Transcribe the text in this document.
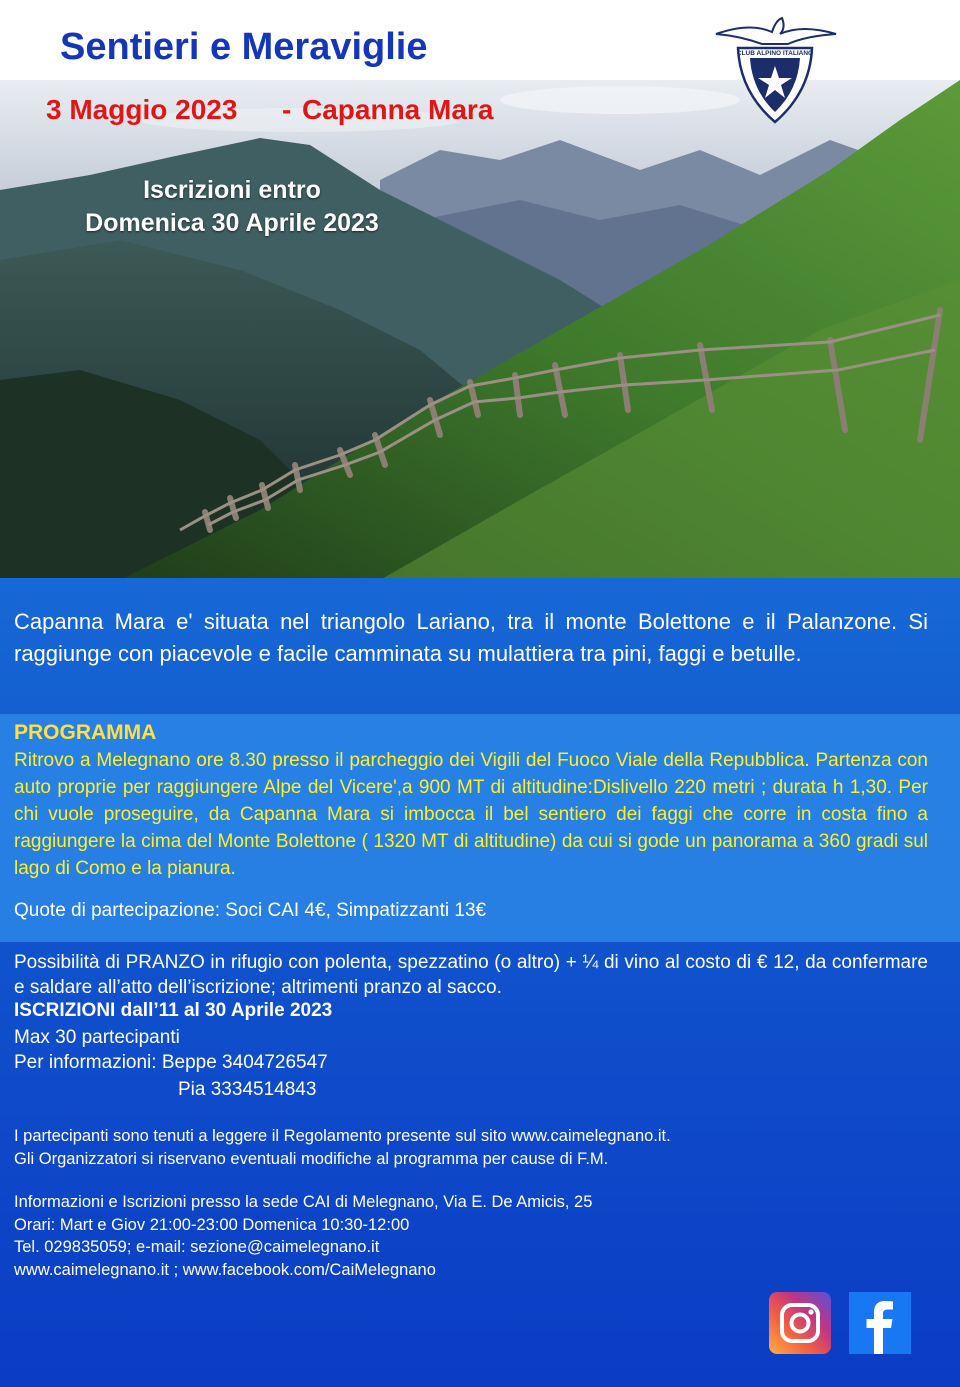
Sentieri e Meraviglie
3 Maggio 2023 - Capanna Mara
Iscrizioni entro
Domenica 30 Aprile 2023
CLUB ALPINO ITALIANO
Capanna Mara e' situata nel triangolo Lariano, tra il monte Bolettone e il Palanzone. Si raggiunge con piacevole e facile camminata su mulattiera tra pini, faggi e betulle.
PROGRAMMA
Ritrovo a Melegnano ore 8.30 presso il parcheggio dei Vigili del Fuoco Viale della Repubblica. Partenza con auto proprie per raggiungere Alpe del Vicere',a 900 MT di altitudine:Dislivello 220 metri ; durata h 1,30. Per chi vuole proseguire, da Capanna Mara si imbocca il bel sentiero dei faggi che corre in costa fino a raggiungere la cima del Monte Bolettone ( 1320 MT di altitudine) da cui si gode un panorama a 360 gradi sul lago di Como e la pianura.
Quote di partecipazione: Soci CAI 4€, Simpatizzanti 13€
Possibilità di PRANZO in rifugio con polenta, spezzatino (o altro) + ¼ di vino al costo di € 12, da confermare e saldare all’atto dell’iscrizione; altrimenti pranzo al sacco.
ISCRIZIONI dall’11 al 30 Aprile 2023
Max 30 partecipanti
Per informazioni: Beppe 3404726547
Pia 3334514843
I partecipanti sono tenuti a leggere il Regolamento presente sul sito www.caimelegnano.it.
Gli Organizzatori si riservano eventuali modifiche al programma per cause di F.M.
Informazioni e Iscrizioni presso la sede CAI di Melegnano, Via E. De Amicis, 25
Orari: Mart e Giov 21:00-23:00 Domenica 10:30-12:00
Tel. 029835059; e-mail: sezione@caimelegnano.it
www.caimelegnano.it ; www.facebook.com/CaiMelegnano
